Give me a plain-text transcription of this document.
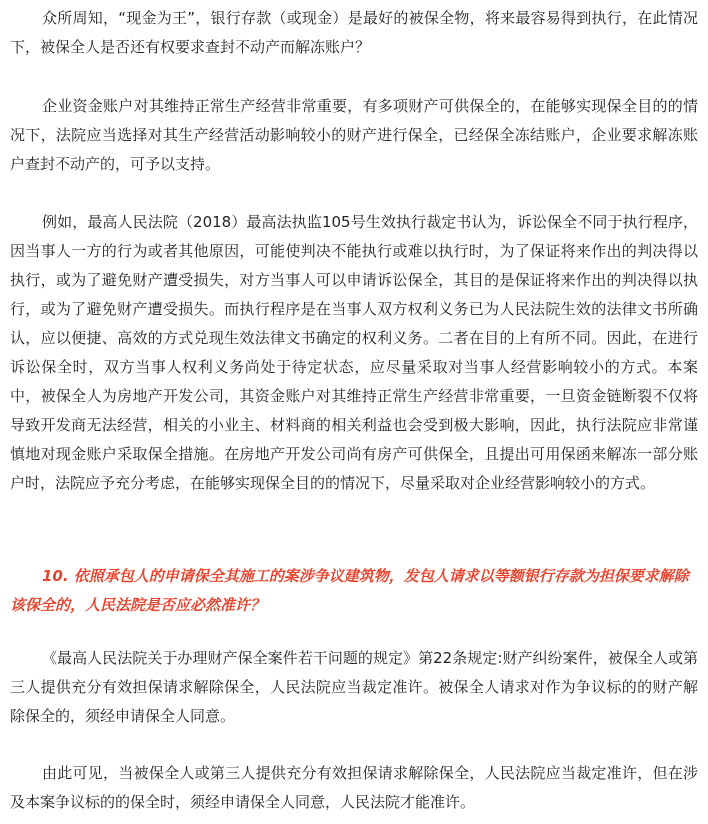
众所周知，“现金为王”，银行存款（或现金）是最好的被保全物，将来最容易得到执行，在此情况下，被保全人是否还有权要求查封不动产而解冻账户？

企业资金账户对其维持正常生产经营非常重要，有多项财产可供保全的，在能够实现保全目的的情况下，法院应当选择对其生产经营活动影响较小的财产进行保全，已经保全冻结账户，企业要求解冻账户查封不动产的，可予以支持。

例如，最高人民法院（2018）最高法执监105号生效执行裁定书认为，诉讼保全不同于执行程序，因当事人一方的行为或者其他原因，可能使判决不能执行或难以执行时，为了保证将来作出的判决得以执行，或为了避免财产遭受损失，对方当事人可以申请诉讼保全，其目的是保证将来作出的判决得以执行，或为了避免财产遭受损失。而执行程序是在当事人双方权利义务已为人民法院生效的法律文书所确认，应以便捷、高效的方式兑现生效法律文书确定的权利义务。二者在目的上有所不同。因此，在进行诉讼保全时，双方当事人权利义务尚处于待定状态，应尽量采取对当事人经营影响较小的方式。本案中，被保全人为房地产开发公司，其资金账户对其维持正常生产经营非常重要，一旦资金链断裂不仅将导致开发商无法经营，相关的小业主、材料商的相关利益也会受到极大影响，因此，执行法院应非常谨慎地对现金账户采取保全措施。在房地产开发公司尚有房产可供保全，且提出可用保函来解冻一部分账户时，法院应予充分考虑，在能够实现保全目的的情况下，尽量采取对企业经营影响较小的方式。

10. 依照承包人的申请保全其施工的案涉争议建筑物，发包人请求以等额银行存款为担保要求解除该保全的，人民法院是否应必然准许？

《最高人民法院关于办理财产保全案件若干问题的规定》第22条规定:财产纠纷案件，被保全人或第三人提供充分有效担保请求解除保全，人民法院应当裁定准许。被保全人请求对作为争议标的的财产解除保全的，须经申请保全人同意。

由此可见，当被保全人或第三人提供充分有效担保请求解除保全，人民法院应当裁定准许，但在涉及本案争议标的的保全时，须经申请保全人同意，人民法院才能准许。
